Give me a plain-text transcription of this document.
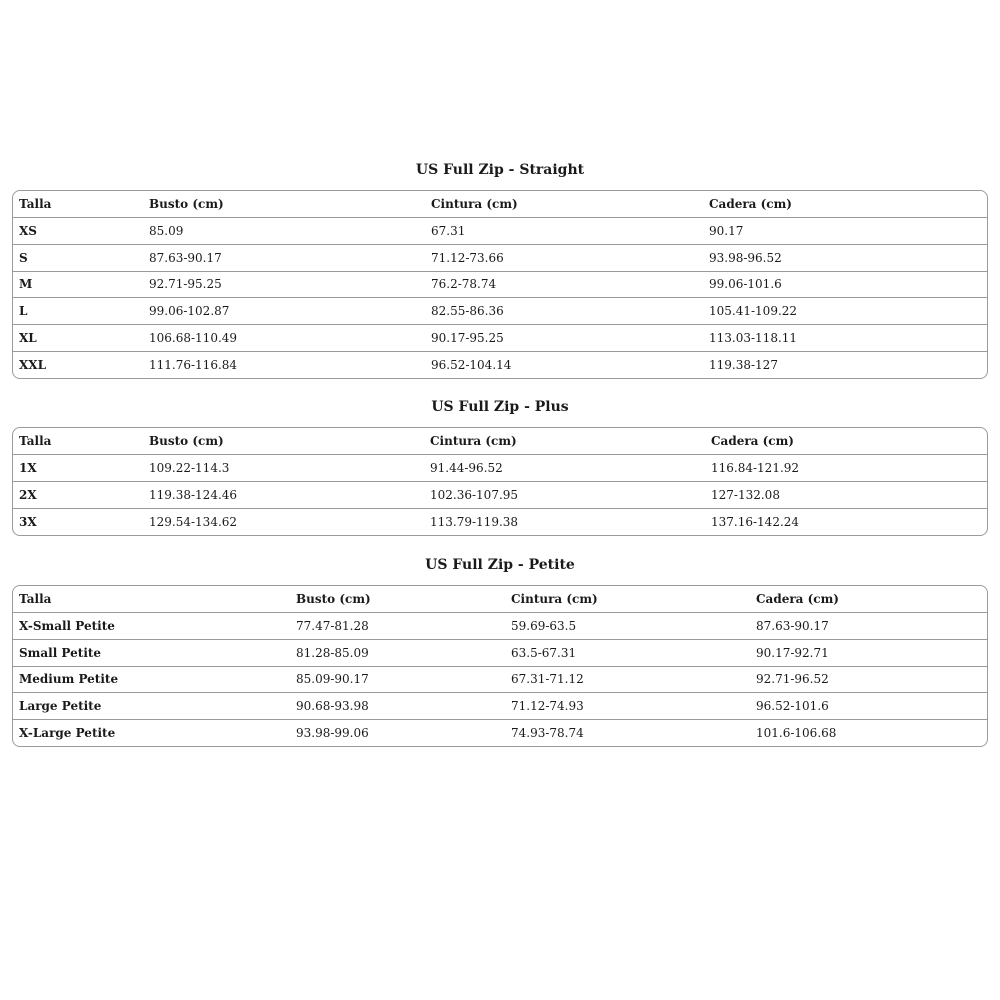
US Full Zip - Straight
Talla	Busto (cm)	Cintura (cm)	Cadera (cm)
XS	85.09	67.31	90.17
S	87.63-90.17	71.12-73.66	93.98-96.52
M	92.71-95.25	76.2-78.74	99.06-101.6
L	99.06-102.87	82.55-86.36	105.41-109.22
XL	106.68-110.49	90.17-95.25	113.03-118.11
XXL	111.76-116.84	96.52-104.14	119.38-127
US Full Zip - Plus
Talla	Busto (cm)	Cintura (cm)	Cadera (cm)
1X	109.22-114.3	91.44-96.52	116.84-121.92
2X	119.38-124.46	102.36-107.95	127-132.08
3X	129.54-134.62	113.79-119.38	137.16-142.24
US Full Zip - Petite
Talla	Busto (cm)	Cintura (cm)	Cadera (cm)
X-Small Petite	77.47-81.28	59.69-63.5	87.63-90.17
Small Petite	81.28-85.09	63.5-67.31	90.17-92.71
Medium Petite	85.09-90.17	67.31-71.12	92.71-96.52
Large Petite	90.68-93.98	71.12-74.93	96.52-101.6
X-Large Petite	93.98-99.06	74.93-78.74	101.6-106.68
